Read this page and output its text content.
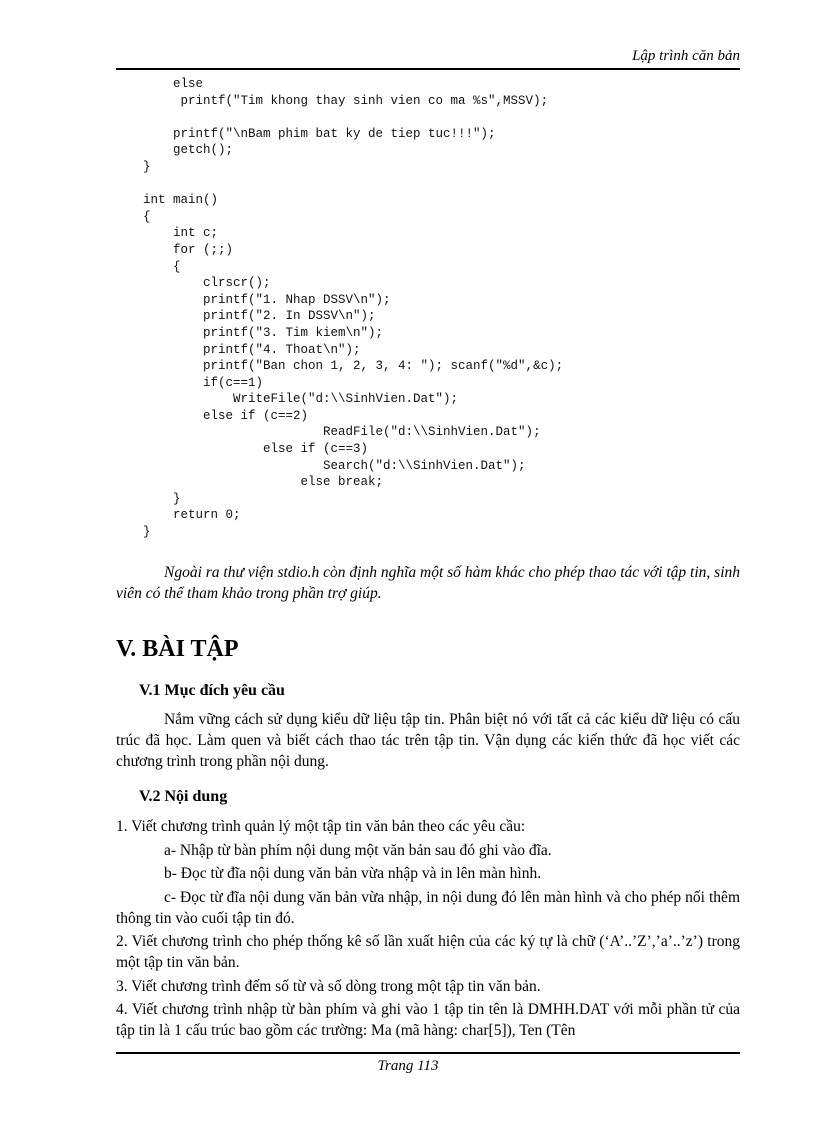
Lập trình căn bản
else
printf("Tim khong thay sinh vien co ma %s",MSSV);

printf("\nBam phim bat ky de tiep tuc!!!");
getch();
}

int main()
{
int c;
for (;;)
{
clrscr();
printf("1. Nhap DSSV\n");
printf("2. In DSSV\n");
printf("3. Tim kiem\n");
printf("4. Thoat\n");
printf("Ban chon 1, 2, 3, 4: "); scanf("%d",&c);
if(c==1)
WriteFile("d:\\SinhVien.Dat");
else if (c==2)
ReadFile("d:\\SinhVien.Dat");
else if (c==3)
Search("d:\\SinhVien.Dat");
else break;
}
return 0;
}

Ngoài ra thư viện stdio.h còn định nghĩa một số hàm khác cho phép thao tác với tập tin, sinh viên có thể tham khảo trong phần trợ giúp.

V. BÀI TẬP
V.1 Mục đích yêu cầu

Nắm vững cách sử dụng kiểu dữ liệu tập tin. Phân biệt nó với tất cả các kiểu dữ liệu có cấu trúc đã học. Làm quen và biết cách thao tác trên tập tin. Vận dụng các kiến thức đã học viết các chương trình trong phần nội dung.

V.2 Nội dung

1. Viết chương trình quản lý một tập tin văn bản theo các yêu cầu:

a- Nhập từ bàn phím nội dung một văn bản sau đó ghi vào đĩa.

b- Đọc từ đĩa nội dung văn bản vừa nhập và in lên màn hình.

c- Đọc từ đĩa nội dung văn bản vừa nhập, in nội dung đó lên màn hình và cho phép nối thêm thông tin vào cuối tập tin đó.

2. Viết chương trình cho phép thống kê số lần xuất hiện của các ký tự là chữ (‘A’..’Z’,’a’..’z’) trong một tập tin văn bản.

3. Viết chương trình đếm số từ và số dòng trong một tập tin văn bản.

4. Viết chương trình nhập từ bàn phím và ghi vào 1 tập tin tên là DMHH.DAT với mỗi phần tử của tập tin là 1 cấu trúc bao gồm các trường: Ma (mã hàng: char[5]), Ten (Tên

Trang 113
